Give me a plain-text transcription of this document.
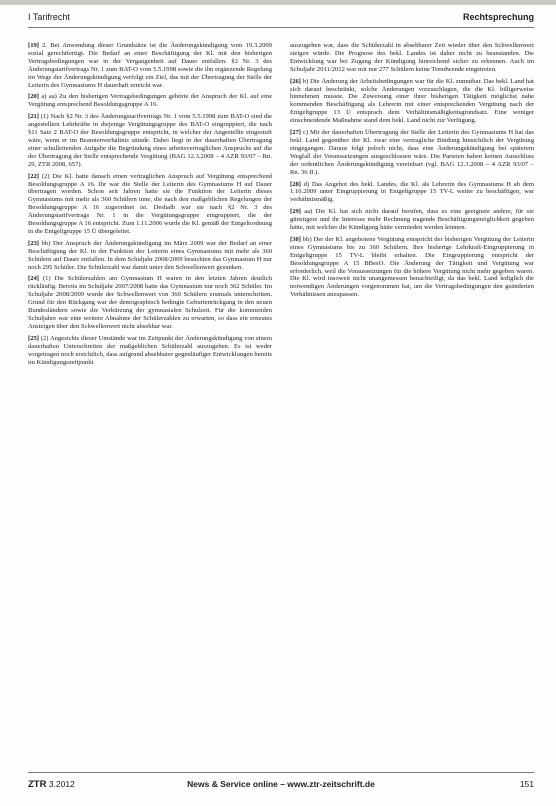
I Tarifrecht	Rechtsprechung

[19] 2. Bei Anwendung dieser Grundsätze ist die Änderungskündigung vom 19.3.2009 sozial gerechtfertigt. Die Bedarf an einer Beschäftigung der Kl. mit den bisherigen Vertragsbedingungen war in der Vergangenheit auf Dauer entfallen. §2 Nr. 3 des Änderungstarifvertrags Nr. 1 zum BAT-O vom 5.5.1998 sowie die ihn ergänzende Regelung im Wege der Änderungskündigung verfolgt ein Ziel, das mit der Übertragung der Stelle der Leiterin des Gymnasiums H dauerhaft erreicht war.

[20] a) aa) Zu den bisherigen Vertragsbedingungen gehörte der Anspruch der Kl. auf eine Vergütung entsprechend Besoldungsgruppe A 16.

[21] (1) Nach §2 Nr. 3 des Änderungstarifvertrags Nr. 1 vom 5.5.1998 zum BAT-O sind die angestellten Lehrkräfte in diejenige Vergütungsgruppe des BAT-O eingruppiert, die nach §11 Satz 2 BAT-O der Besoldungsgruppe entspricht, in welcher der Angestellte eingestuft wäre, wenn er im Beamtenverhältnis stünde. Dabei liegt in der dauerhaften Übertragung einer schulleitenden Aufgabe die Begründung eines arbeitsvertraglichen Anspruchs auf die der Übertragung der Stelle entsprechende Vergütung (BAG 12.3.2008 – 4 AZR 93/07 – Rn. 29, ZTR 2008, 657).

[22] (2) Die Kl. hatte danach einen vertraglichen Anspruch auf Vergütung entsprechend Besoldungsgruppe A 16. Ihr war die Stelle der Leiterin des Gymnasiums H auf Dauer übertragen worden. Schon seit Jahren hatte sie die Funktion der Leiterin dieses Gymnasiums mit mehr als 360 Schülern inne, die nach den maßgeblichen Regelungen der Besoldungsgruppe A 16 zugeordnet ist. Deshalb war sie nach §2 Nr. 3 des Änderungstarifvertrags Nr. 1 in die Vergütungsgruppe eingruppiert, die der Besoldungsgruppe A 16 entspricht. Zum 1.11.2006 wurde die Kl. gemäß der Entgeltordnung in die Entgeltgruppe 15 Ü übergeleitet.

[23] bb) Der Anspruch der Änderungskündigung im März 2009 war der Bedarf an einer Beschäftigung der Kl. in der Funktion der Leiterin eines Gymnasiums mit mehr als 360 Schülern auf Dauer entfallen. In dem Schuljahr 2008/2009 besuchten das Gymnasium H nur noch 295 Schüler. Die Schülerzahl war damit unter den Schwellenwert gesunken.

[24] (1) Die Schülerzahlen am Gymnasium H waren in den letzten Jahren deutlich rückläufig. Bereits im Schuljahr 2007/2008 hatte das Gymnasium nur noch 362 Schüler. Im Schuljahr 2008/2009 wurde der Schwellenwert von 360 Schülern erstmals unterschritten. Grund für den Rückgang war der demographisch bedingte Geburtenrückgang in den neuen Bundesländern sowie die Verkürzung der gymnasialen Schulzeit. Für die kommenden Schuljahre war eine weitere Abnahme der Schülerzahlen zu erwarten, so dass ein erneutes Ansteigen über den Schwellenwert nicht absehbar war.

[25] (2) Angesichts dieser Umstände war im Zeitpunkt der Änderungskündigung von einem dauerhaften Unterschreiten der maßgeblichen Schülerzahl auszugehen. Es ist weder vorgetragen noch ersichtlich, dass aufgrund absehbarer gegenläufiger Entwicklungen bereits im Kündigungszeitpunkt

auszugehen war, dass die Schülerzahl in absehbarer Zeit wieder über den Schwellenwert steigen würde. Die Prognose des bekl. Landes ist daher nicht zu beanstanden. Die Entwicklung war bei Zugang der Kündigung hinreichend sicher zu erkennen. Auch im Schuljahr 2011/2012 war mit nur 277 Schülern keine Trendwende eingetreten.

[26] b) Die Änderung der Arbeitsbedingungen war für die Kl. zumutbar. Das bekl. Land hat sich darauf beschränkt, solche Änderungen vorzuschlagen, die die Kl. billigerweise hinnehmen musste. Die Zuweisung einer ihrer bisherigen Tätigkeit möglichst nahe kommenden Beschäftigung als Lehrerin mit einer entsprechenden Vergütung nach der Entgeltgruppe 13 Ü entsprach dem Verhältnismäßigkeitsgrundsatz. Eine weniger einschneidende Maßnahme stand dem bekl. Land nicht zur Verfügung.

[27] c) Mit der dauerhaften Übertragung der Stelle der Leiterin des Gymnasiums H hat das bekl. Land gegenüber der Kl. zwar eine vertragliche Bindung hinsichtlich der Vergütung eingegangen. Daraus folgt jedoch nicht, dass eine Änderungskündigung bei späterem Wegfall der Voraussetzungen ausgeschlossen wäre. Die Parteien haben keinen Ausschluss der ordentlichen Änderungskündigung vereinbart (vgl. BAG 12.3.2008 – 4 AZR 93/07 – Rn. 36 ff.).

[28] d) Das Angebot des bekl. Landes, die Kl. als Lehrerin des Gymnasiums H ab dem 1.10.2009 unter Eingruppierung in Entgeltgruppe 15 TV-L weiter zu beschäftigen, war verhältnismäßig.

[29] aa) Die Kl. hat sich nicht darauf berufen, dass es eine geeignete andere, für sie günstigere und ihr Interesse mehr Rechnung tragende Beschäftigungsmöglichkeit gegeben hätte, mit welcher die Kündigung hätte vermieden werden können.

[30] bb) Der der Kl. angebotene Vergütung entspricht der bisherigen Vergütung der Leiterin eines Gymnasiums bis zu 360 Schülern. Ihre bisherige Lehrkraft-Eingruppierung in Entgeltgruppe 15 TV-L bleibt erhalten. Die Eingruppierung entspricht der Besoldungsgruppe A 15 BBesO. Die Änderung der Tätigkeit und Vergütung war erforderlich, weil die Voraussetzungen für die höhere Vergütung nicht mehr gegeben waren. Die Kl. wird insoweit nicht unangemessen benachteiligt, da das bekl. Land lediglich die notwendigen Änderungen vorgenommen hat, um die Vertragsbedingungen den geänderten Verhältnissen anzupassen.

ZTR 3.2012	News & Service online – www.ztr-zeitschrift.de	151
